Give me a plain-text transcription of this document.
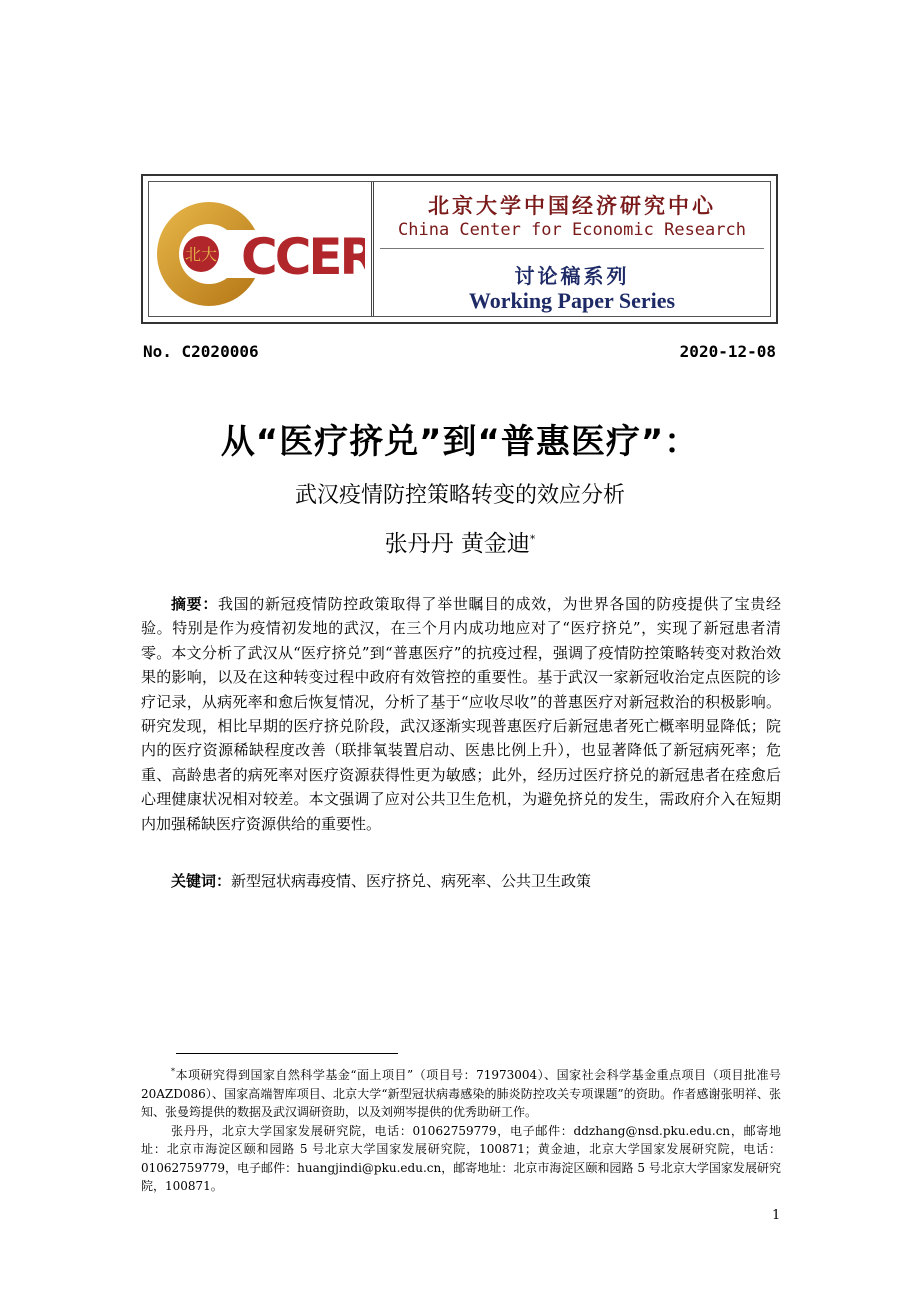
北大 CCER
北京大学中国经济研究中心
China Center for Economic Research
讨论稿系列
Working Paper Series
No. C2020006	2020-12-08
从“医疗挤兑”到“普惠医疗”：
武汉疫情防控策略转变的效应分析
张丹丹 黄金迪*
摘要：我国的新冠疫情防控政策取得了举世瞩目的成效，为世界各国的防疫提供了宝贵经验。特别是作为疫情初发地的武汉，在三个月内成功地应对了“医疗挤兑”，实现了新冠患者清零。本文分析了武汉从“医疗挤兑”到“普惠医疗”的抗疫过程，强调了疫情防控策略转变对救治效果的影响，以及在这种转变过程中政府有效管控的重要性。基于武汉一家新冠收治定点医院的诊疗记录，从病死率和愈后恢复情况，分析了基于“应收尽收”的普惠医疗对新冠救治的积极影响。研究发现，相比早期的医疗挤兑阶段，武汉逐渐实现普惠医疗后新冠患者死亡概率明显降低；院内的医疗资源稀缺程度改善（联排氧装置启动、医患比例上升），也显著降低了新冠病死率；危重、高龄患者的病死率对医疗资源获得性更为敏感；此外，经历过医疗挤兑的新冠患者在痊愈后心理健康状况相对较差。本文强调了应对公共卫生危机，为避免挤兑的发生，需政府介入在短期内加强稀缺医疗资源供给的重要性。
关键词：新型冠状病毒疫情、医疗挤兑、病死率、公共卫生政策

*本项研究得到国家自然科学基金“面上项目”（项目号：71973004）、国家社会科学基金重点项目（项目批准号 20AZD086）、国家高端智库项目、北京大学“新型冠状病毒感染的肺炎防控攻关专项课题”的资助。作者感谢张明祥、张知、张曼筠提供的数据及武汉调研资助，以及刘朔岑提供的优秀助研工作。

张丹丹，北京大学国家发展研究院，电话：01062759779，电子邮件：ddzhang@nsd.pku.edu.cn，邮寄地址：北京市海淀区颐和园路 5 号北京大学国家发展研究院，100871；黄金迪，北京大学国家发展研究院，电话：01062759779，电子邮件：huangjindi@pku.edu.cn，邮寄地址：北京市海淀区颐和园路 5 号北京大学国家发展研究院，100871。

1
